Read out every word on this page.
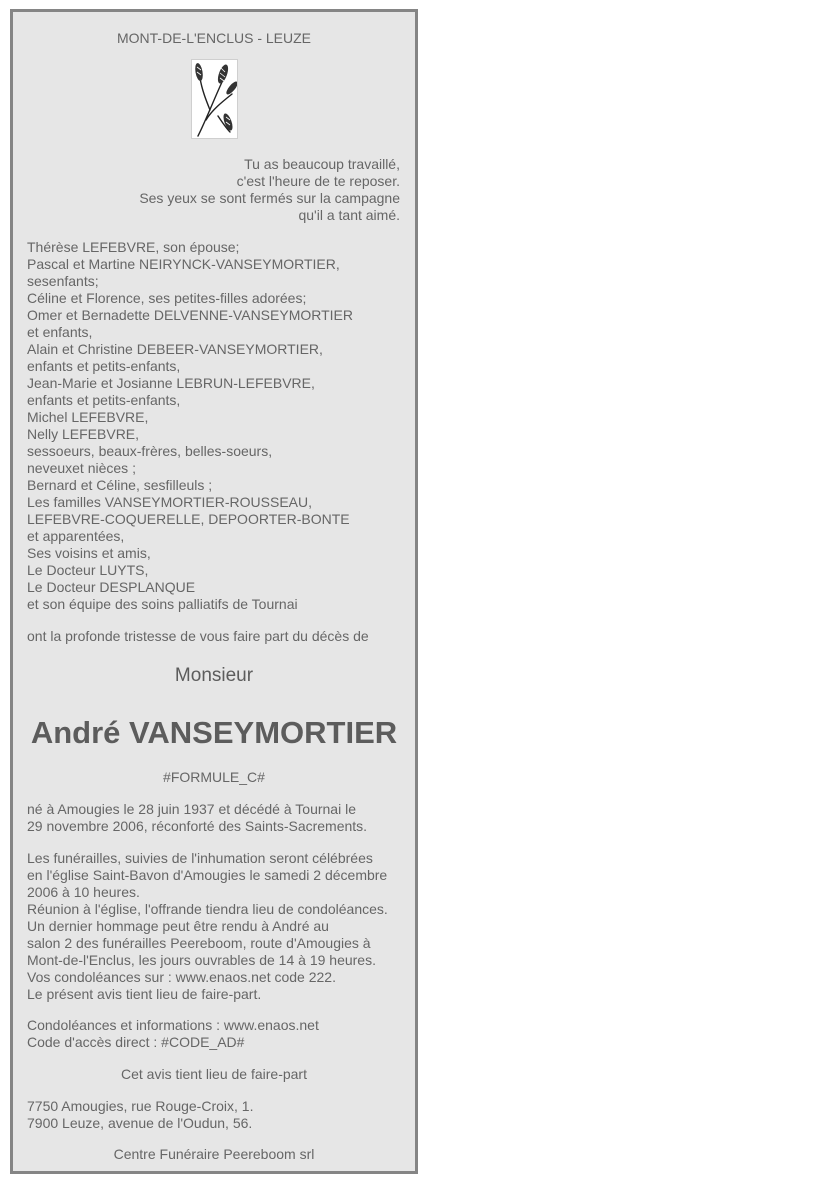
MONT-DE-L'ENCLUS - LEUZE
Tu as beaucoup travaillé,
c'est l'heure de te reposer.
Ses yeux se sont fermés sur la campagne
qu'il a tant aimé.
Thérèse LEFEBVRE, son épouse;
Pascal et Martine NEIRYNCK-VANSEYMORTIER,
sesenfants;
Céline et Florence, ses petites-filles adorées;
Omer et Bernadette DELVENNE-VANSEYMORTIER
et enfants,
Alain et Christine DEBEER-VANSEYMORTIER,
enfants et petits-enfants,
Jean-Marie et Josianne LEBRUN-LEFEBVRE,
enfants et petits-enfants,
Michel LEFEBVRE,
Nelly LEFEBVRE,
sessoeurs, beaux-frères, belles-soeurs,
neveuxet nièces ;
Bernard et Céline, sesfilleuls ;
Les familles VANSEYMORTIER-ROUSSEAU,
LEFEBVRE-COQUERELLE, DEPOORTER-BONTE
et apparentées,
Ses voisins et amis,
Le Docteur LUYTS,
Le Docteur DESPLANQUE
et son équipe des soins palliatifs de Tournai
ont la profonde tristesse de vous faire part du décès de
Monsieur
André VANSEYMORTIER
#FORMULE_C#
né à Amougies le 28 juin 1937 et décédé à Tournai le
29 novembre 2006, réconforté des Saints-Sacrements.
Les funérailles, suivies de l'inhumation seront célébrées
en l'église Saint-Bavon d'Amougies le samedi 2 décembre
2006 à 10 heures.
Réunion à l'église, l'offrande tiendra lieu de condoléances.
Un dernier hommage peut être rendu à André au
salon 2 des funérailles Peereboom, route d'Amougies à
Mont-de-l'Enclus, les jours ouvrables de 14 à 19 heures.
Vos condoléances sur : www.enaos.net code 222.
Le présent avis tient lieu de faire-part.
Condoléances et informations : www.enaos.net
Code d'accès direct : #CODE_AD#
Cet avis tient lieu de faire-part
7750 Amougies, rue Rouge-Croix, 1.
7900 Leuze, avenue de l'Oudun, 56.
Centre Funéraire Peereboom srl
